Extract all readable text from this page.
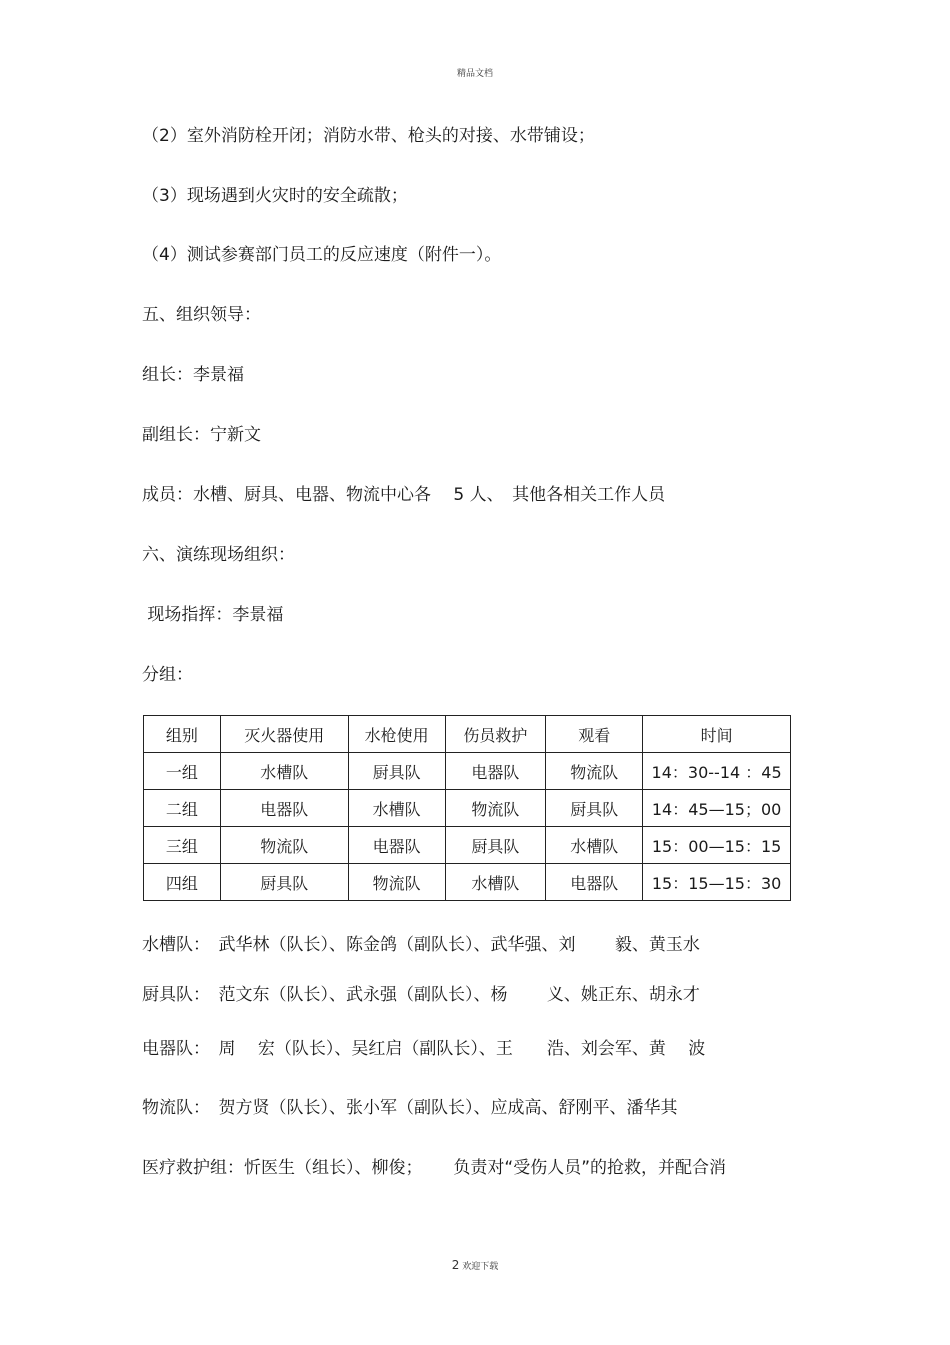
精品文档
（2）室外消防栓开闭；消防水带、枪头的对接、水带铺设；
（3）现场遇到火灾时的安全疏散；
（4）测试参赛部门员工的反应速度（附件一）。
五、组织领导：
组长：李景福
副组长：宁新文
成员：水槽、厨具、电器、物流中心各　 5 人、　其他各相关工作人员
六、演练现场组织：
现场指挥：李景福
分组：
组别	灭火器使用	水枪使用	伤员救护	观看	时间
一组	水槽队	厨具队	电器队	物流队	14：30--14 ：45
二组	电器队	水槽队	物流队	厨具队	14：45—15；00
三组	物流队	电器队	厨具队	水槽队	15：00—15：15
四组	厨具队	物流队	水槽队	电器队	15：15—15：30
水槽队：　武华林（队长）、陈金鸽（副队长）、武华强、刘　　 毅、黄玉水
厨具队：　范文东（队长）、武永强（副队长）、杨　　 义、姚正东、胡永才
电器队：　周　 宏（队长）、吴红启（副队长）、王　　浩、刘会军、黄　 波
物流队：　贺方贤（队长）、张小军（副队长）、应成高、舒刚平、潘华其
医疗救护组：忻医生（组长）、柳俊；　　 负责对“受伤人员”的抢救，并配合消
2 欢迎下载
